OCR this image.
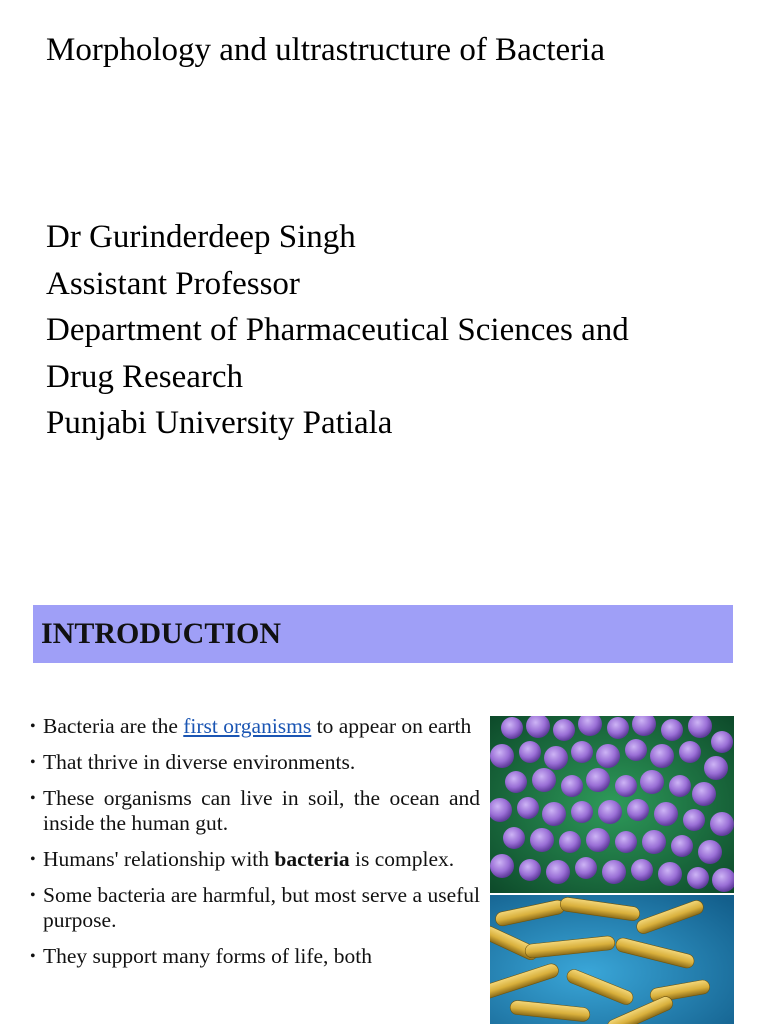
Morphology and ultrastructure of Bacteria
Dr Gurinderdeep Singh
Assistant Professor
Department of Pharmaceutical Sciences and
Drug Research
Punjabi University Patiala
INTRODUCTION
• Bacteria are the first organisms to appear on earth
• That thrive in diverse environments.
• These organisms can live in soil, the ocean and inside the human gut.
• Humans' relationship with bacteria is complex.
• Some bacteria are harmful, but most serve a useful purpose.
• They support many forms of life, both
